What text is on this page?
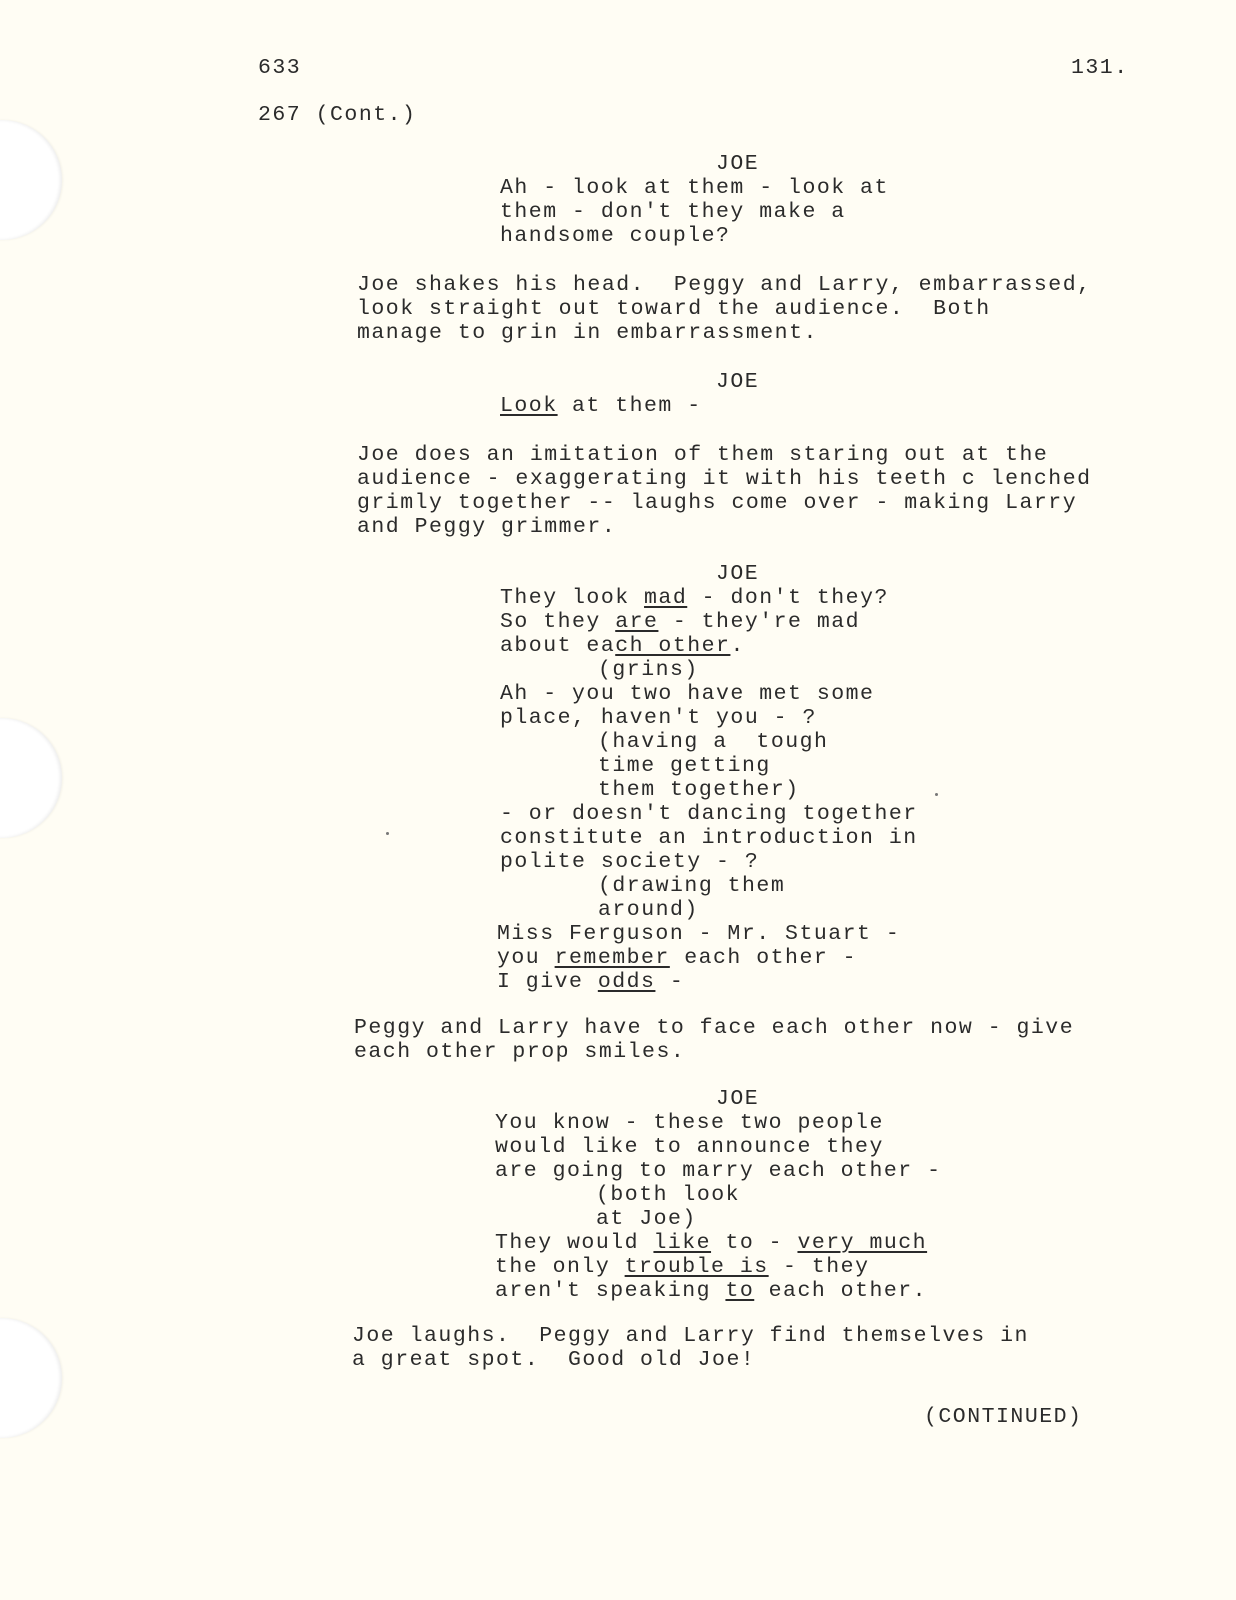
633	131.
267 (Cont.)
JOE
Ah - look at them - look at
them - don't they make a
handsome couple?
Joe shakes his head.  Peggy and Larry, embarrassed,
look straight out toward the audience.  Both
manage to grin in embarrassment.
JOE
Look at them -
Joe does an imitation of them staring out at the
audience - exaggerating it with his teeth c lenched
grimly together -- laughs come over - making Larry
and Peggy grimmer.
JOE
They look mad - don't they?
So they are - they're mad
about each other.
(grins)
Ah - you two have met some
place, haven't you - ?
(having a  tough
time getting
them together)
- or doesn't dancing together
constitute an introduction in
polite society - ?
(drawing them
around)
Miss Ferguson - Mr. Stuart -
you remember each other -
I give odds -
Peggy and Larry have to face each other now - give
each other prop smiles.
JOE
You know - these two people
would like to announce they
are going to marry each other -
(both look
at Joe)
They would like to - very much
the only trouble is - they
aren't speaking to each other.
Joe laughs.  Peggy and Larry find themselves in
a great spot.  Good old Joe!
(CONTINUED)
